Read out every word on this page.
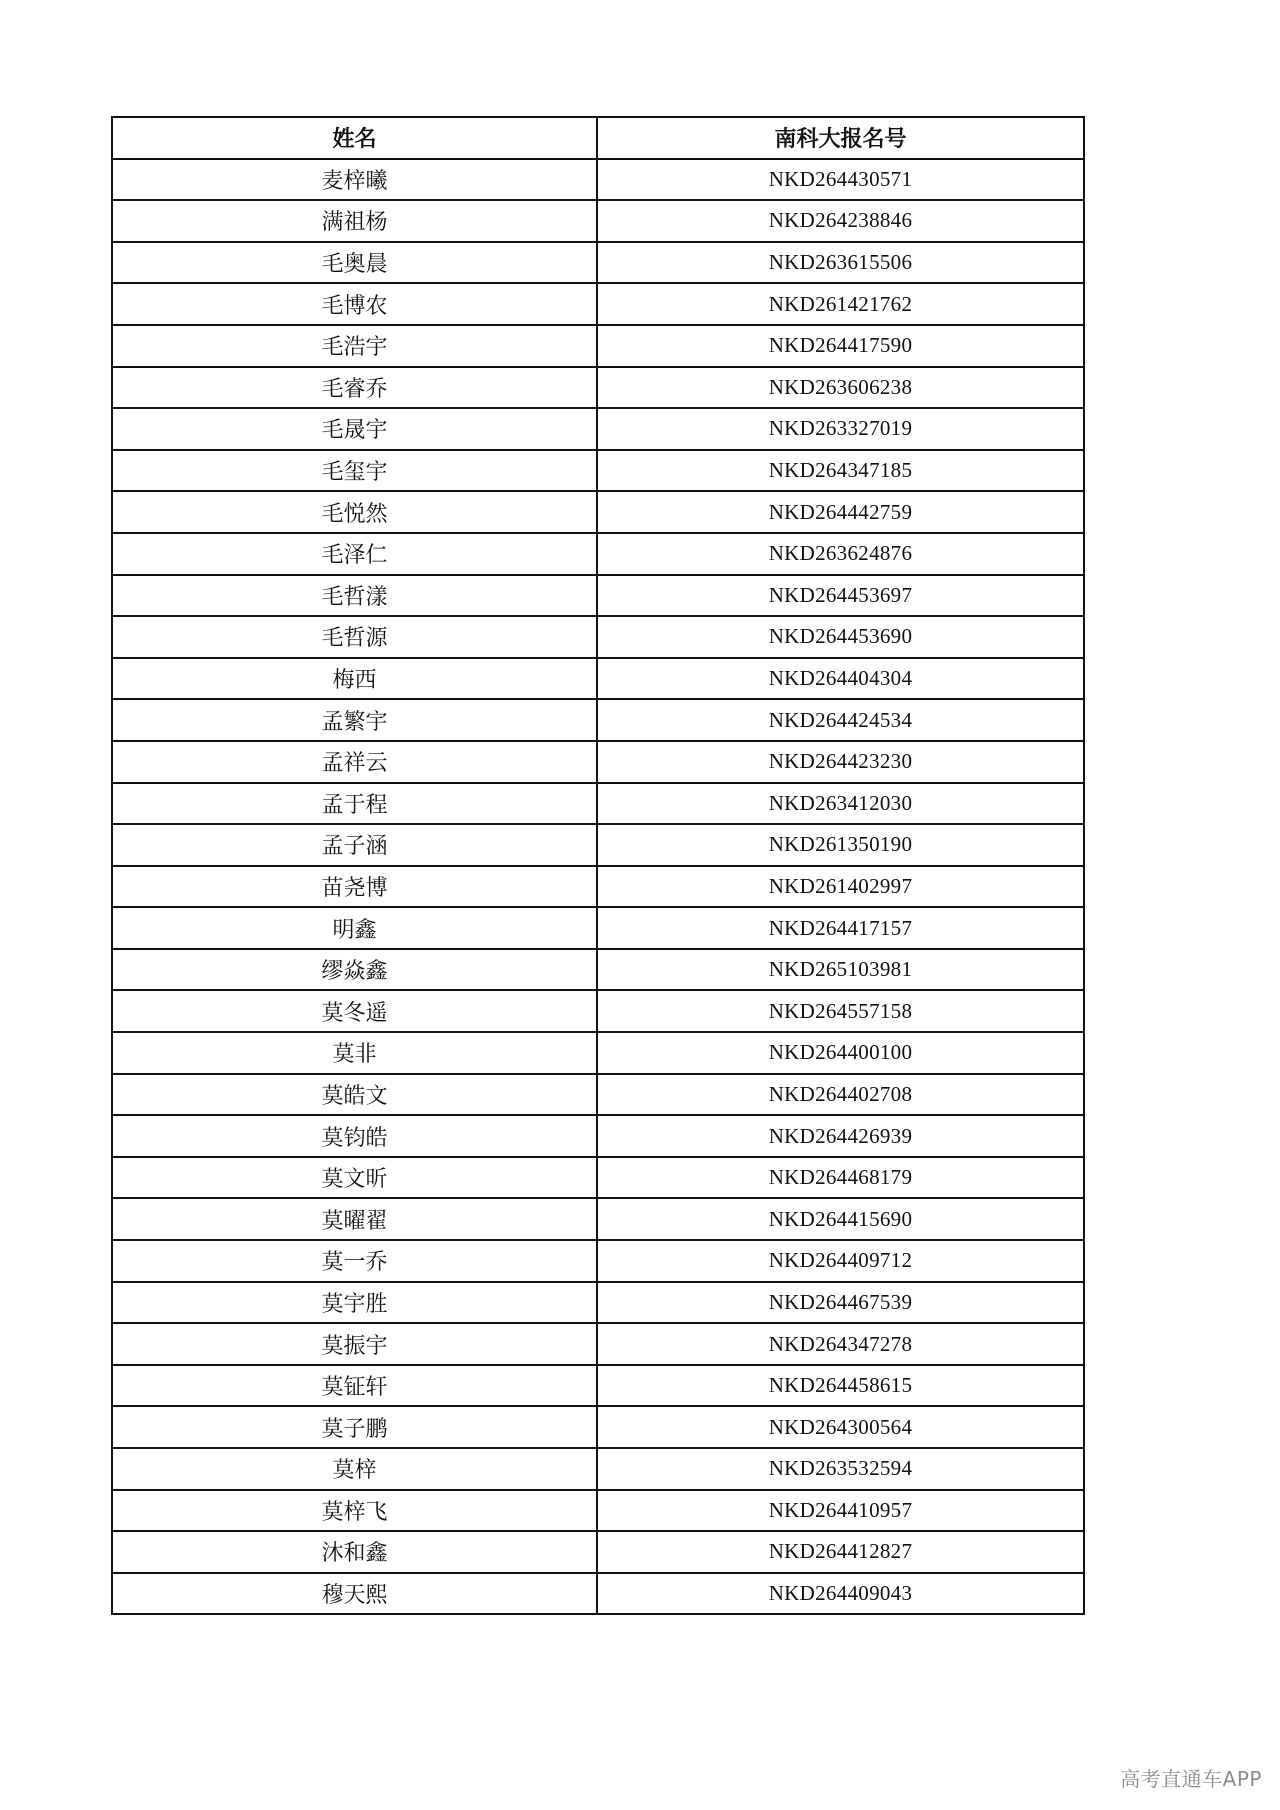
姓名	南科大报名号
麦梓曦	NKD264430571
满祖杨	NKD264238846
毛奥晨	NKD263615506
毛博农	NKD261421762
毛浩宇	NKD264417590
毛睿乔	NKD263606238
毛晟宇	NKD263327019
毛玺宇	NKD264347185
毛悦然	NKD264442759
毛泽仁	NKD263624876
毛哲漾	NKD264453697
毛哲源	NKD264453690
梅西	NKD264404304
孟繁宇	NKD264424534
孟祥云	NKD264423230
孟于程	NKD263412030
孟子涵	NKD261350190
苗尧博	NKD261402997
明鑫	NKD264417157
缪焱鑫	NKD265103981
莫冬遥	NKD264557158
莫非	NKD264400100
莫皓文	NKD264402708
莫钧皓	NKD264426939
莫文昕	NKD264468179
莫曜翟	NKD264415690
莫一乔	NKD264409712
莫宇胜	NKD264467539
莫振宇	NKD264347278
莫钲轩	NKD264458615
莫子鹏	NKD264300564
莫梓	NKD263532594
莫梓飞	NKD264410957
沐和鑫	NKD264412827
穆天熙	NKD264409043
高考直通车APP
